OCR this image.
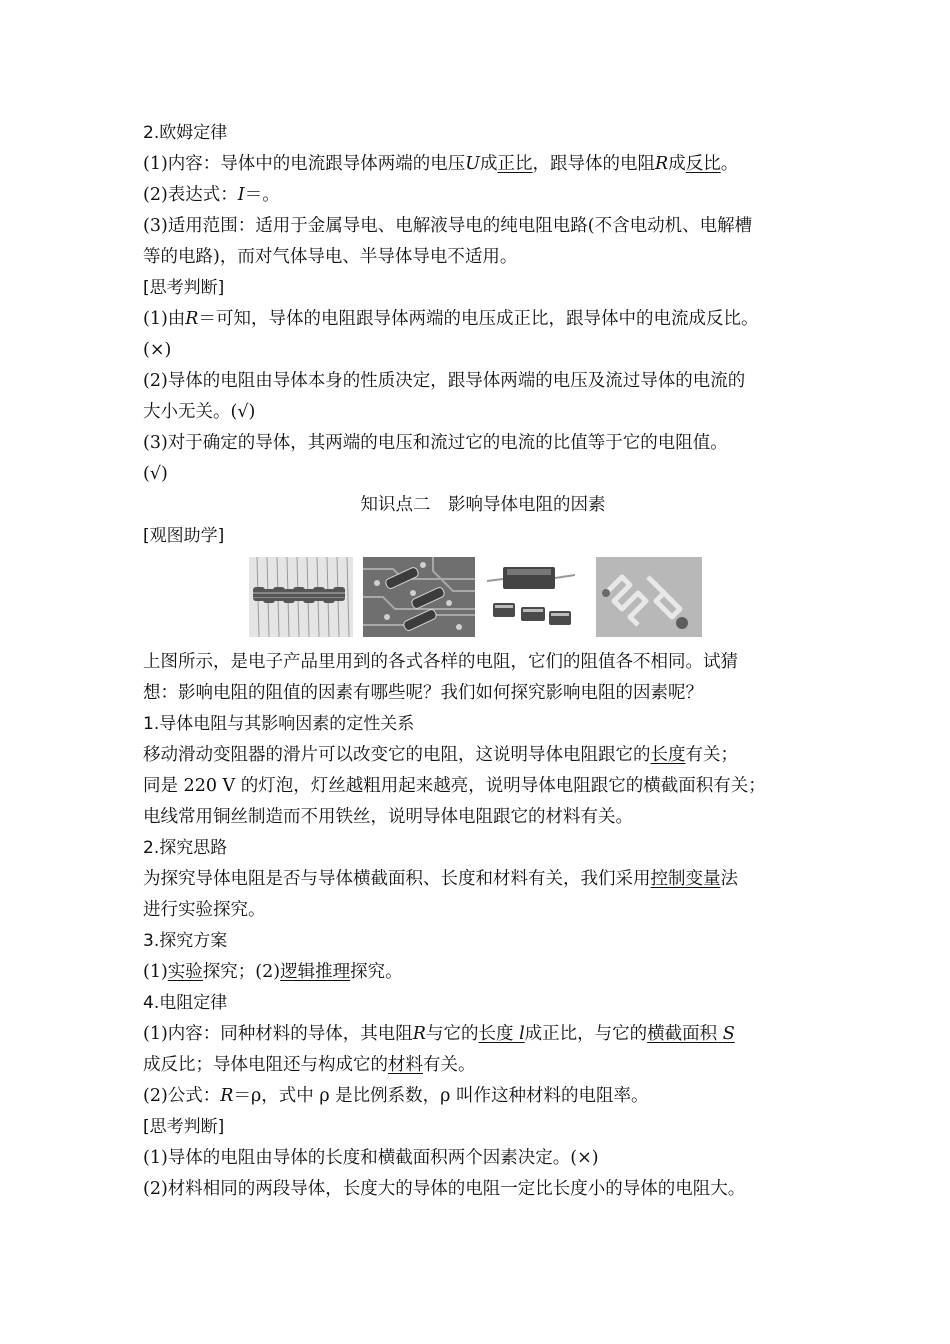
2.欧姆定律
(1)内容：导体中的电流跟导体两端的电压U成正比，跟导体的电阻R成反比。
(2)表达式：I＝。
(3)适用范围：适用于金属导电、电解液导电的纯电阻电路(不含电动机、电解槽
等的电路)，而对气体导电、半导体导电不适用。
[思考判断]
(1)由R＝可知，导体的电阻跟导体两端的电压成正比，跟导体中的电流成反比。
(×)
(2)导体的电阻由导体本身的性质决定，跟导体两端的电压及流过导体的电流的
大小无关。(√)
(3)对于确定的导体，其两端的电压和流过它的电流的比值等于它的电阻值。
(√)
知识点二　影响导体电阻的因素
[观图助学]
上图所示，是电子产品里用到的各式各样的电阻，它们的阻值各不相同。试猜
想：影响电阻的阻值的因素有哪些呢？我们如何探究影响电阻的因素呢？
1.导体电阻与其影响因素的定性关系
移动滑动变阻器的滑片可以改变它的电阻，这说明导体电阻跟它的长度有关；
同是 220 V 的灯泡，灯丝越粗用起来越亮，说明导体电阻跟它的横截面积有关；
电线常用铜丝制造而不用铁丝，说明导体电阻跟它的材料有关。
2.探究思路
为探究导体电阻是否与导体横截面积、长度和材料有关，我们采用控制变量法
进行实验探究。
3.探究方案
(1)实验探究；(2)逻辑推理探究。
4.电阻定律
(1)内容：同种材料的导体，其电阻R与它的长度 l成正比，与它的横截面积 S
成反比；导体电阻还与构成它的材料有关。
(2)公式：R＝ρ，式中 ρ 是比例系数，ρ 叫作这种材料的电阻率。
[思考判断]
(1)导体的电阻由导体的长度和横截面积两个因素决定。(×)
(2)材料相同的两段导体，长度大的导体的电阻一定比长度小的导体的电阻大。
